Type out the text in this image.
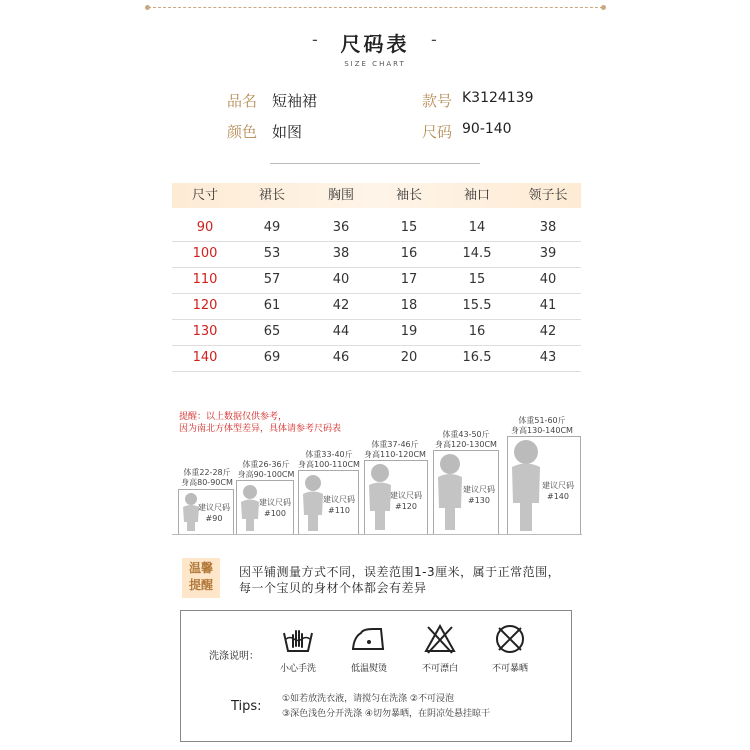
-	尺码表	-
SIZE CHART
品名 短袖裙	款号 K3124139
颜色 如图	尺码 90-140
尺寸	裙长	胸围	袖长	袖口	领子长
90	49	36	15	14	38
100	53	38	16	14.5	39
110	57	40	17	15	40
120	61	42	18	15.5	41
130	65	44	19	16	42
140	69	46	20	16.5	43
提醒：以上数据仅供参考，
因为南北方体型差异，具体请参考尺码表
体重22-28斤
身高80-90CM
建议尺码
#90
体重26-36斤
身高90-100CM
建议尺码
#100
体重33-40斤
身高100-110CM
建议尺码
#110
体重37-46斤
身高110-120CM
建议尺码
#120
体重43-50斤
身高120-130CM
建议尺码
#130
体重51-60斤
身高130-140CM
建议尺码
#140
温馨
提醒
因平铺测量方式不同，误差范围1-3厘米，属于正常范围，
每一个宝贝的身材个体都会有差异
洗涤说明：
小心手洗	低温熨烫	不可漂白	不可暴晒
Tips: ①如若放洗衣液，请搅匀在洗涤 ②不可浸泡
③深色浅色分开洗涤 ④切勿暴晒，在阴凉处悬挂晾干
